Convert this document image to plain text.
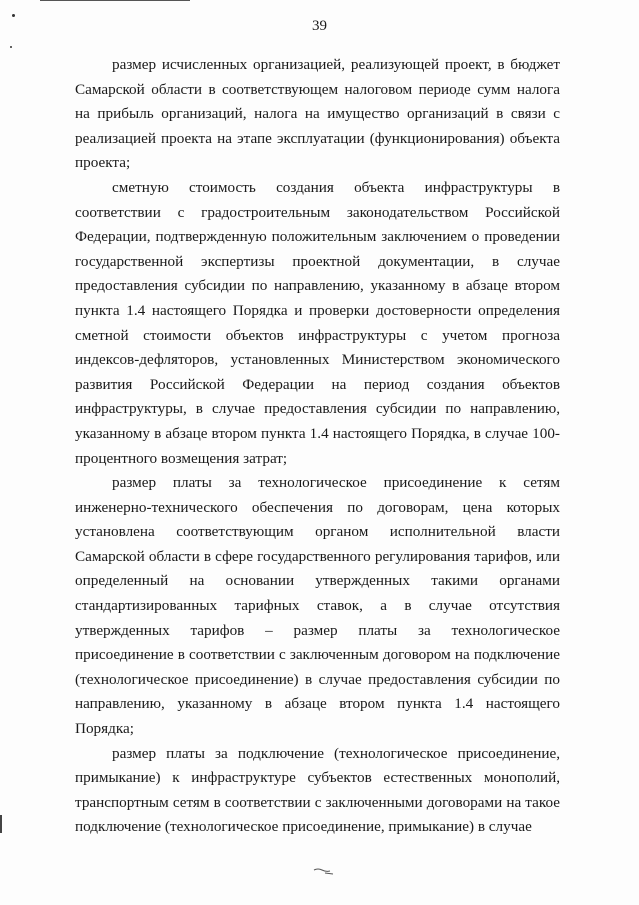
39

размер исчисленных организацией, реализующей проект, в бюджет Самарской области в соответствующем налоговом периоде сумм налога на прибыль организаций, налога на имущество организаций в связи с реализацией проекта на этапе эксплуатации (функционирования) объекта проекта;

сметную стоимость создания объекта инфраструктуры в соответствии с градостроительным законодательством Российской Федерации, подтвержденную положительным заключением о проведении государственной экспертизы проектной документации, в случае предоставления субсидии по направлению, указанному в абзаце втором пункта 1.4 настоящего Порядка и проверки достоверности определения сметной стоимости объектов инфраструктуры с учетом прогноза индексов-дефляторов, установленных Министерством экономического развития Российской Федерации на период создания объектов инфраструктуры, в случае предоставления субсидии по направлению, указанному в абзаце втором пункта 1.4 настоящего Порядка, в случае 100-процентного возмещения затрат;

размер платы за технологическое присоединение к сетям инженерно-технического обеспечения по договорам, цена которых установлена соответствующим органом исполнительной власти Самарской области в сфере государственного регулирования тарифов, или определенный на основании утвержденных такими органами стандартизированных тарифных ставок, а в случае отсутствия утвержденных тарифов – размер платы за технологическое присоединение в соответствии с заключенным договором на подключение (технологическое присоединение) в случае предоставления субсидии по направлению, указанному в абзаце втором пункта 1.4 настоящего Порядка;

размер платы за подключение (технологическое присоединение, примыкание) к инфраструктуре субъектов естественных монополий, транспортным сетям в соответствии с заключенными договорами на такое подключение (технологическое присоединение, примыкание) в случае
